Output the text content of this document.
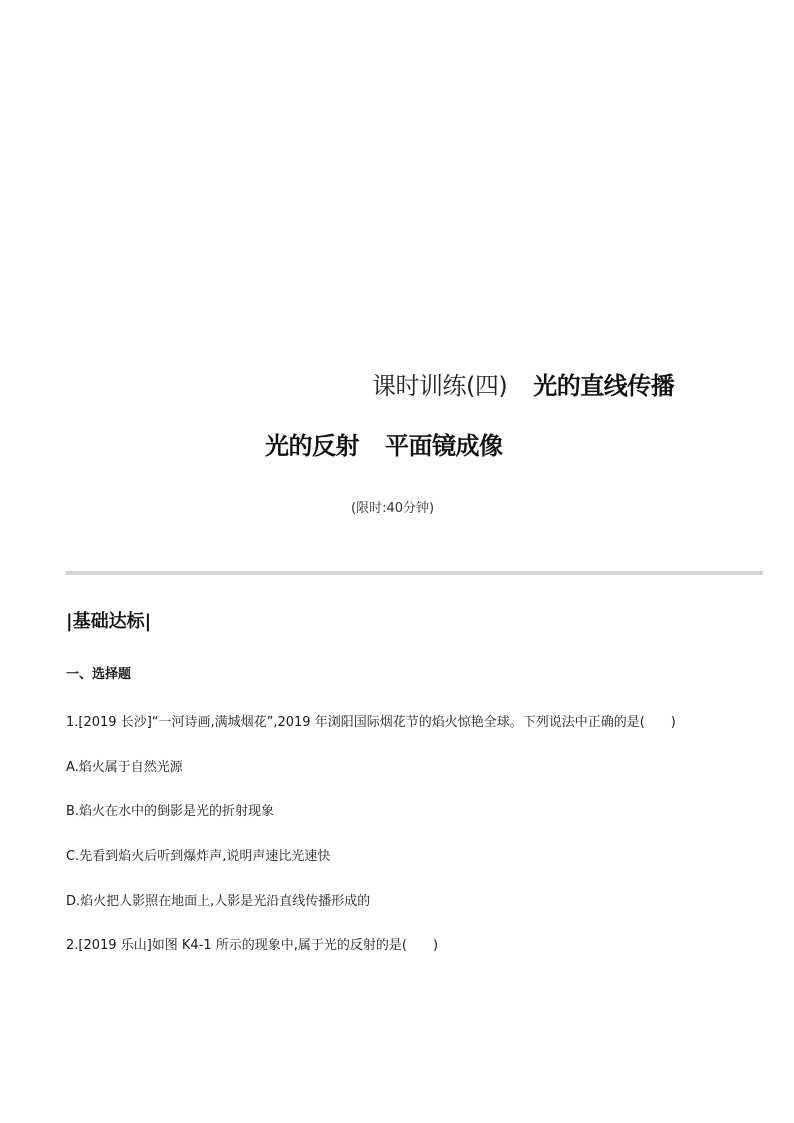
课时训练(四) 光的直线传播
光的反射 平面镜成像
(限时:40分钟)
|基础达标|
一、选择题
1.[2019 长沙]“一河诗画,满城烟花”,2019 年浏阳国际烟花节的焰火惊艳全球。下列说法中正确的是(　　)
A.焰火属于自然光源
B.焰火在水中的倒影是光的折射现象
C.先看到焰火后听到爆炸声,说明声速比光速快
D.焰火把人影照在地面上,人影是光沿直线传播形成的
2.[2019 乐山]如图 K4-1 所示的现象中,属于光的反射的是(　　)
